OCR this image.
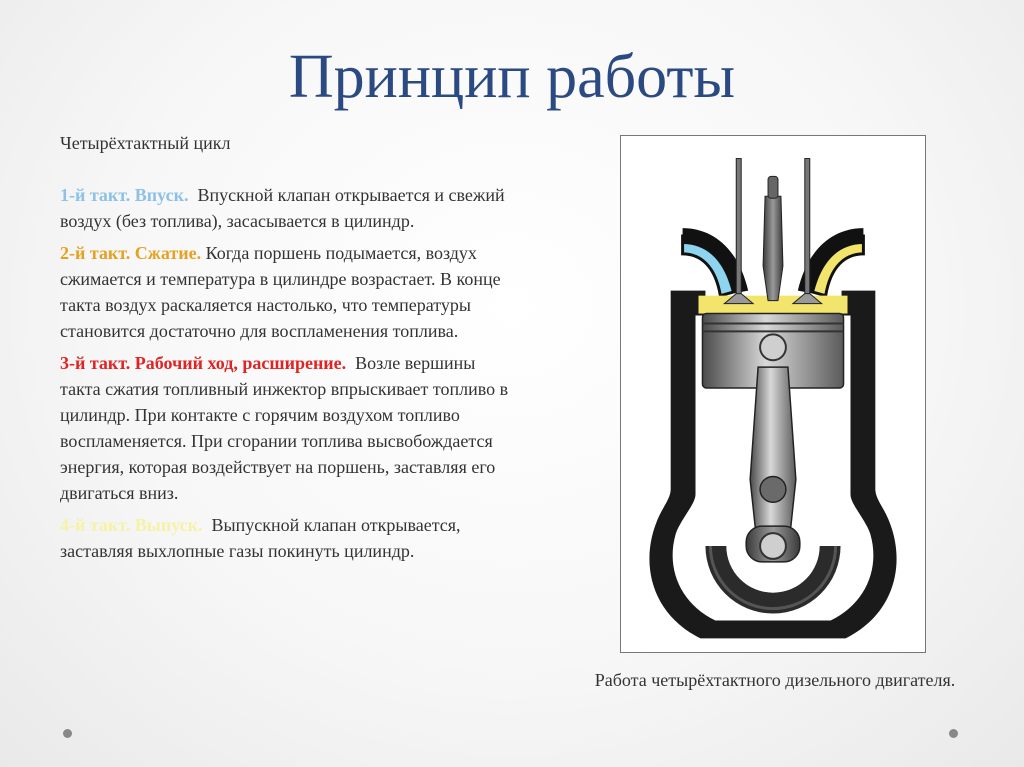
Принцип работы

Четырёхтактный цикл

1-й такт. Впуск. Впускной клапан открывается и свежий воздух (без топлива), засасывается в цилиндр.

2-й такт. Сжатие. Когда поршень подымается, воздух сжимается и температура в цилиндре возрастает. В конце такта воздух раскаляется настолько, что температуры становится достаточно для воспламенения топлива.

3-й такт. Рабочий ход, расширение. Возле вершины такта сжатия топливный инжектор впрыскивает топливо в цилиндр. При контакте с горячим воздухом топливо воспламеняется. При сгорании топлива высвобождается энергия, которая воздействует на поршень, заставляя его двигаться вниз.

4-й такт. Выпуск. Выпускной клапан открывается, заставляя выхлопные газы покинуть цилиндр.

Работа четырёхтактного дизельного двигателя.
